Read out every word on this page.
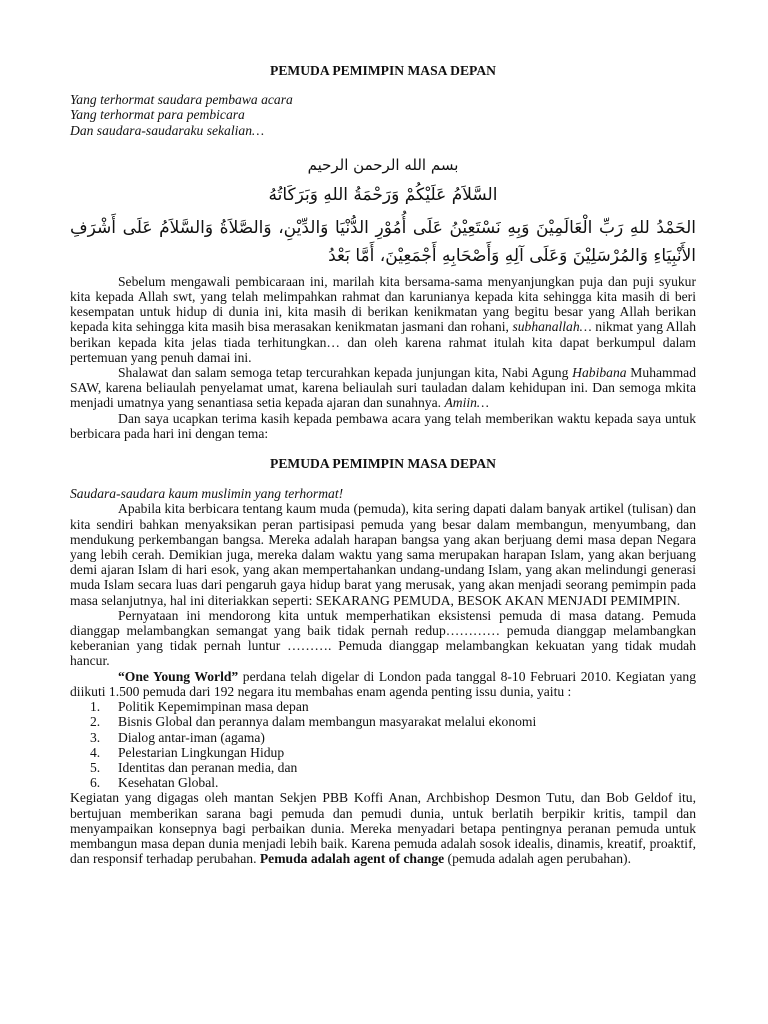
PEMUDA PEMIMPIN MASA DEPAN
Yang terhormat saudara pembawa acara
Yang terhormat para pembicara
Dan saudara-saudaraku sekalian…
بسم الله الرحمن الرحيم
السَّلاَمُ عَلَيْكُمْ وَرَحْمَةُ اللهِ وَبَرَكَاتُهُ
الحَمْدُ للهِ رَبِّ الْعَالَمِيْنَ وَبِهِ نَسْتَعِيْنُ عَلَى أُمُوْرِ الدُّنْيَا وَالدِّيْنِ، وَالصَّلاَةُ وَالسَّلاَمُ عَلَى أَشْرَفِ الأَنْبِيَاءِ وَالمُرْسَلِيْنَ وَعَلَى آلِهِ وَأَصْحَابِهِ أَجْمَعِيْنَ، أَمَّا بَعْدُ
Sebelum mengawali pembicaraan ini, marilah kita bersama-sama menyanjungkan puja dan puji syukur kita kepada Allah swt, yang telah melimpahkan rahmat dan karunianya kepada kita sehingga kita masih di beri kesempatan untuk hidup di dunia ini, kita masih di berikan kenikmatan yang begitu besar yang Allah berikan kepada kita sehingga kita masih bisa merasakan kenikmatan jasmani dan rohani, subhanallah… nikmat yang Allah berikan kepada kita jelas tiada terhitungkan… dan oleh karena rahmat itulah kita dapat berkumpul dalam pertemuan yang penuh damai ini.
Shalawat dan salam semoga tetap tercurahkan kepada junjungan kita, Nabi Agung Habibana Muhammad SAW, karena beliaulah penyelamat umat, karena beliaulah suri tauladan dalam kehidupan ini. Dan semoga mkita menjadi umatnya yang senantiasa setia kepada ajaran dan sunahnya. Amiin…
Dan saya ucapkan terima kasih kepada pembawa acara yang telah memberikan waktu kepada saya untuk berbicara pada hari ini dengan tema:
PEMUDA PEMIMPIN MASA DEPAN
Saudara-saudara kaum muslimin yang terhormat!
Apabila kita berbicara tentang kaum muda (pemuda), kita sering dapati dalam banyak artikel (tulisan) dan kita sendiri bahkan menyaksikan peran partisipasi pemuda yang besar dalam membangun, menyumbang, dan mendukung perkembangan bangsa. Mereka adalah harapan bangsa yang akan berjuang demi masa depan Negara yang lebih cerah. Demikian juga, mereka dalam waktu yang sama merupakan harapan Islam, yang akan berjuang demi ajaran Islam di hari esok, yang akan mempertahankan undang-undang Islam, yang akan melindungi generasi muda Islam secara luas dari pengaruh gaya hidup barat yang merusak, yang akan menjadi seorang pemimpin pada masa selanjutnya, hal ini diteriakkan seperti: SEKARANG PEMUDA, BESOK AKAN MENJADI PEMIMPIN.
Pernyataan ini mendorong kita untuk memperhatikan eksistensi pemuda di masa datang. Pemuda dianggap melambangkan semangat yang baik tidak pernah redup………… pemuda dianggap melambangkan keberanian yang tidak pernah luntur ………. Pemuda dianggap melambangkan kekuatan yang tidak mudah hancur.
“One Young World” perdana telah digelar di London pada tanggal 8-10 Februari 2010. Kegiatan yang diikuti 1.500 pemuda dari 192 negara itu membahas enam agenda penting issu dunia, yaitu :
1.	Politik Kepemimpinan masa depan
2.	Bisnis Global dan perannya dalam membangun masyarakat melalui ekonomi
3.	Dialog antar-iman (agama)
4.	Pelestarian Lingkungan Hidup
5.	Identitas dan peranan media, dan
6.	Kesehatan Global.
Kegiatan yang digagas oleh mantan Sekjen PBB Koffi Anan, Archbishop Desmon Tutu, dan Bob Geldof itu, bertujuan memberikan sarana bagi pemuda dan pemudi dunia, untuk berlatih berpikir kritis, tampil dan menyampaikan konsepnya bagi perbaikan dunia. Mereka menyadari betapa pentingnya peranan pemuda untuk membangun masa depan dunia menjadi lebih baik. Karena pemuda adalah sosok idealis, dinamis, kreatif, proaktif, dan responsif terhadap perubahan. Pemuda adalah agent of change (pemuda adalah agen perubahan).
